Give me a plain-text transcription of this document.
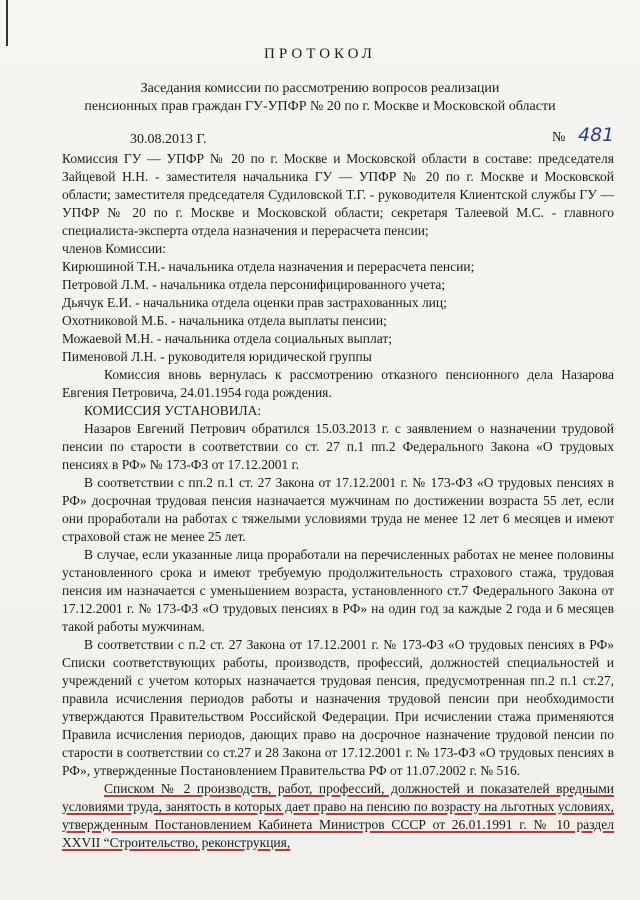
ПРОТОКОЛ
Заседания комиссии по рассмотрению вопросов реализации
пенсионных прав граждан ГУ-УПФР № 20 по г. Москве и Московской области
30.08.2013 Г.	№ 481

Комиссия ГУ — УПФР № 20 по г. Москве и Московской области в составе: председателя Зайцевой Н.Н. - заместителя начальника ГУ — УПФР № 20 по г. Москве и Московской области; заместителя председателя Судиловской Т.Г. - руководителя Клиентской службы ГУ — УПФР № 20 по г. Москве и Московской области; секретаря Талеевой М.С. - главного специалиста-эксперта отдела назначения и перерасчета пенсии;

членов Комиссии:

Кирюшиной Т.Н.- начальника отдела назначения и перерасчета пенсии;

Петровой Л.М. - начальника отдела персонифицированного учета;

Дьячук Е.И. - начальника отдела оценки прав застрахованных лиц;

Охотниковой М.Б. - начальника отдела выплаты пенсии;

Можаевой М.Н. - начальника отдела социальных выплат;

Пименовой Л.Н. - руководителя юридической группы

Комиссия вновь вернулась к рассмотрению отказного пенсионного дела Назарова Евгения Петровича, 24.01.1954 года рождения.

КОМИССИЯ УСТАНОВИЛА:

Назаров Евгений Петрович обратился 15.03.2013 г. с заявлением о назначении трудовой пенсии по старости в соответствии со ст. 27 п.1 пп.2 Федерального Закона «О трудовых пенсиях в РФ» № 173-ФЗ от 17.12.2001 г.

В соответствии с пп.2 п.1 ст. 27 Закона от 17.12.2001 г. № 173-ФЗ «О трудовых пенсиях в РФ» досрочная трудовая пенсия назначается мужчинам по достижении возраста 55 лет, если они проработали на работах с тяжелыми условиями труда не менее 12 лет 6 месяцев и имеют страховой стаж не менее 25 лет.

В случае, если указанные лица проработали на перечисленных работах не менее половины установленного срока и имеют требуемую продолжительность страхового стажа, трудовая пенсия им назначается с уменьшением возраста, установленного ст.7 Федерального Закона от 17.12.2001 г. № 173-ФЗ «О трудовых пенсиях в РФ» на один год за каждые 2 года и 6 месяцев такой работы мужчинам.

В соответствии с п.2 ст. 27 Закона от 17.12.2001 г. № 173-ФЗ «О трудовых пенсиях в РФ» Списки соответствующих работы, производств, профессий, должностей специальностей и учреждений с учетом которых назначается трудовая пенсия, предусмотренная пп.2 п.1 ст.27, правила исчисления периодов работы и назначения трудовой пенсии при необходимости утверждаются Правительством Российской Федерации. При исчислении стажа применяются Правила исчисления периодов, дающих право на досрочное назначение трудовой пенсии по старости в соответствии со ст.27 и 28 Закона от 17.12.2001 г. № 173-ФЗ «О трудовых пенсиях в РФ», утвержденные Постановлением Правительства РФ от 11.07.2002 г. № 516.

Списком № 2 производств, работ, профессий, должностей и показателей вредными условиями труда, занятость в которых дает право на пенсию по возрасту на льготных условиях, утвержденным Постановлением Кабинета Министров СССР от 26.01.1991 г. № 10 раздел XXVII “Строительство, реконструкция,
